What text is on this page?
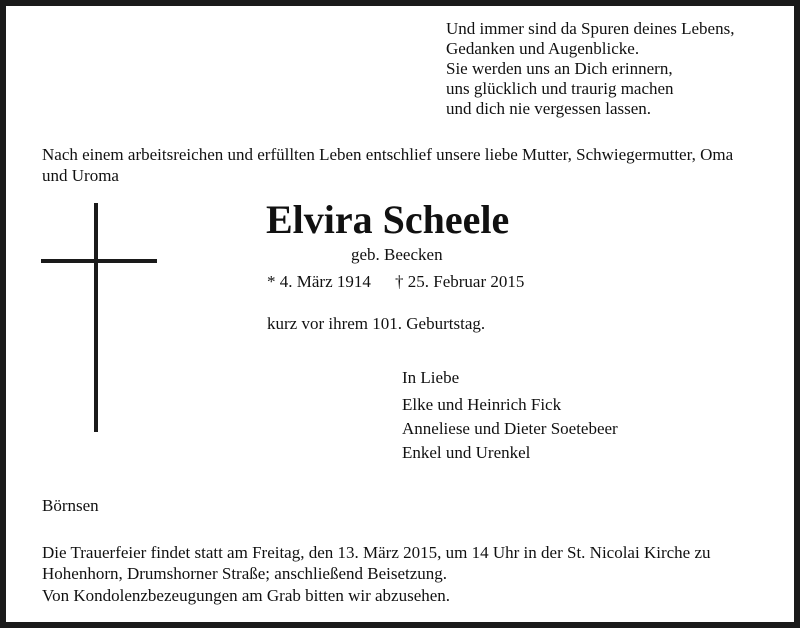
Und immer sind da Spuren deines Lebens,
Gedanken und Augenblicke.
Sie werden uns an Dich erinnern,
uns glücklich und traurig machen
und dich nie vergessen lassen.
Nach einem arbeitsreichen und erfüllten Leben entschlief unsere liebe Mutter, Schwiegermutter, Oma und Uroma
Elvira Scheele
geb. Beecken
* 4. März 1914 † 25. Februar 2015
kurz vor ihrem 101. Geburtstag.
In Liebe
Elke und Heinrich Fick
Anneliese und Dieter Soetebeer
Enkel und Urenkel
Börnsen
Die Trauerfeier findet statt am Freitag, den 13. März 2015, um 14 Uhr in der St. Nicolai Kirche zu Hohenhorn, Drumshorner Straße; anschließend Beisetzung.
Von Kondolenzbezeugungen am Grab bitten wir abzusehen.
